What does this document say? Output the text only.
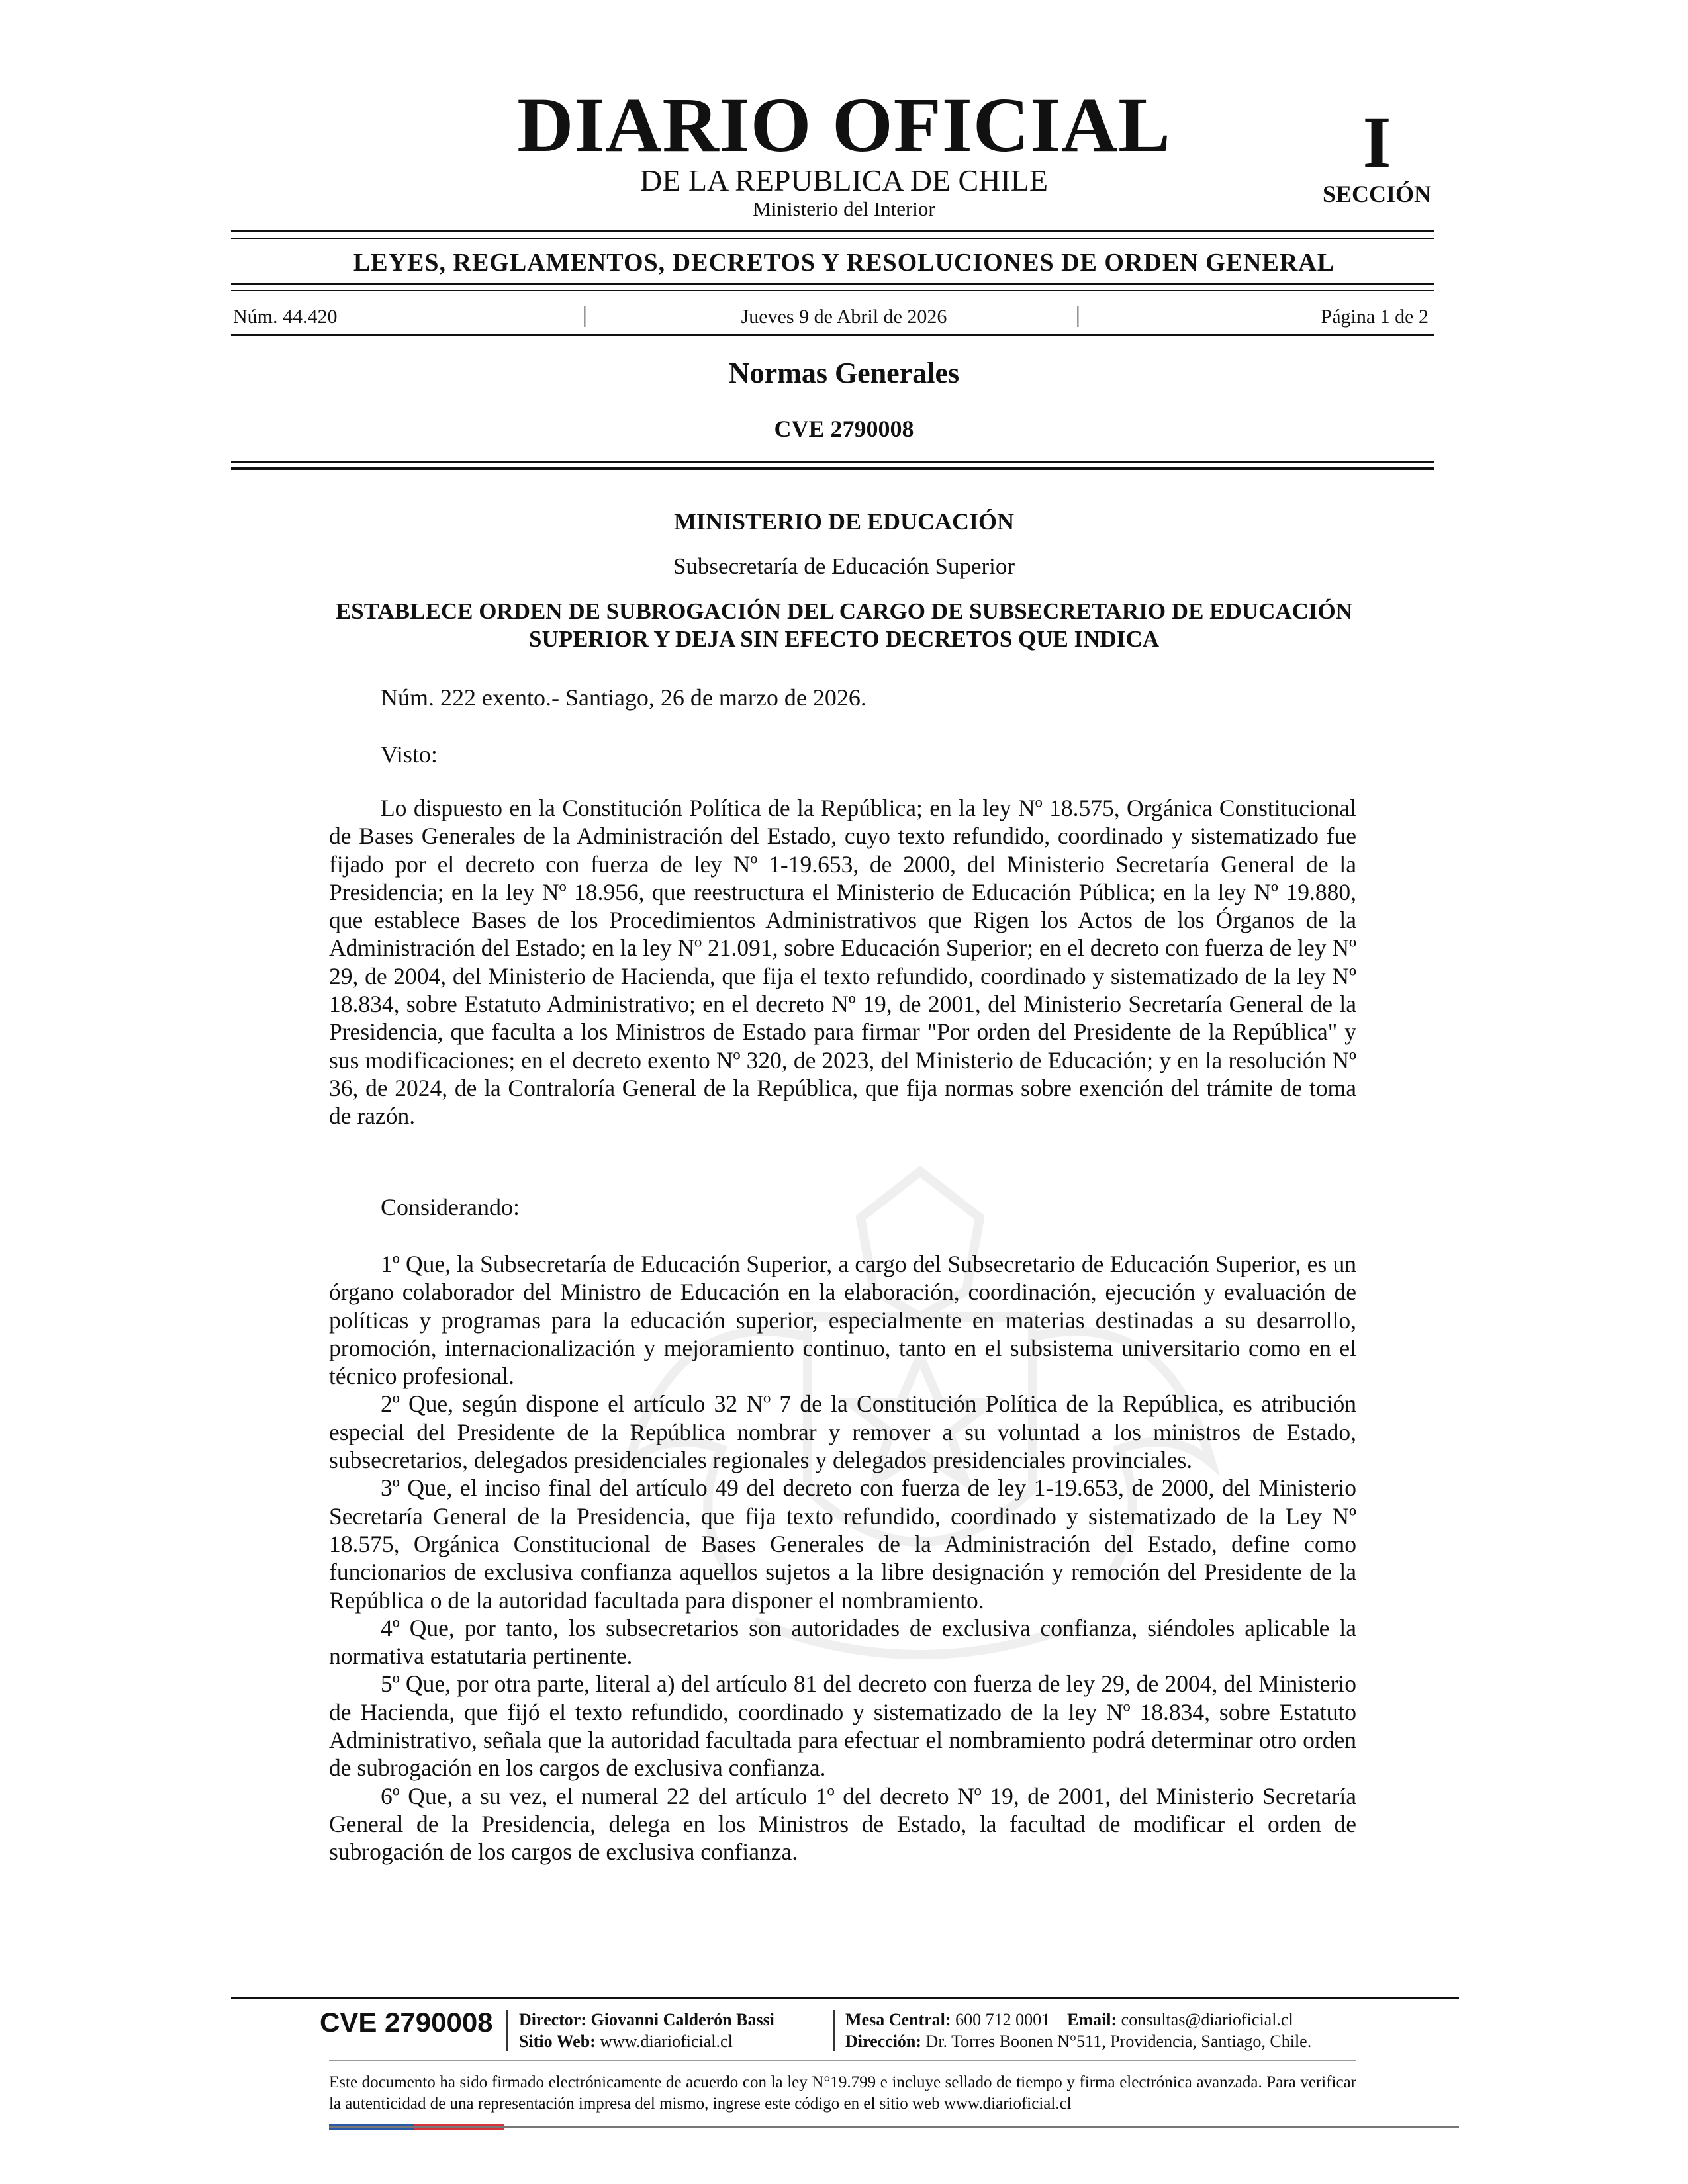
DIARIO OFICIAL
DE LA REPUBLICA DE CHILE
Ministerio del Interior
I
SECCIÓN
LEYES, REGLAMENTOS, DECRETOS Y RESOLUCIONES DE ORDEN GENERAL
Núm. 44.420	|	Jueves 9 de Abril de 2026	|	Página 1 de 2
Normas Generales
CVE 2790008
MINISTERIO DE EDUCACIÓN
Subsecretaría de Educación Superior
ESTABLECE ORDEN DE SUBROGACIÓN DEL CARGO DE SUBSECRETARIO DE EDUCACIÓN SUPERIOR Y DEJA SIN EFECTO DECRETOS QUE INDICA
Núm. 222 exento.- Santiago, 26 de marzo de 2026.
Visto:
Lo dispuesto en la Constitución Política de la República; en la ley Nº 18.575, Orgánica Constitucional de Bases Generales de la Administración del Estado, cuyo texto refundido, coordinado y sistematizado fue fijado por el decreto con fuerza de ley Nº 1-19.653, de 2000, del Ministerio Secretaría General de la Presidencia; en la ley Nº 18.956, que reestructura el Ministerio de Educación Pública; en la ley Nº 19.880, que establece Bases de los Procedimientos Administrativos que Rigen los Actos de los Órganos de la Administración del Estado; en la ley Nº 21.091, sobre Educación Superior; en el decreto con fuerza de ley Nº 29, de 2004, del Ministerio de Hacienda, que fija el texto refundido, coordinado y sistematizado de la ley Nº 18.834, sobre Estatuto Administrativo; en el decreto Nº 19, de 2001, del Ministerio Secretaría General de la Presidencia, que faculta a los Ministros de Estado para firmar "Por orden del Presidente de la República" y sus modificaciones; en el decreto exento Nº 320, de 2023, del Ministerio de Educación; y en la resolución Nº 36, de 2024, de la Contraloría General de la República, que fija normas sobre exención del trámite de toma de razón.
Considerando:

1º Que, la Subsecretaría de Educación Superior, a cargo del Subsecretario de Educación Superior, es un órgano colaborador del Ministro de Educación en la elaboración, coordinación, ejecución y evaluación de políticas y programas para la educación superior, especialmente en materias destinadas a su desarrollo, promoción, internacionalización y mejoramiento continuo, tanto en el subsistema universitario como en el técnico profesional.

2º Que, según dispone el artículo 32 Nº 7 de la Constitución Política de la República, es atribución especial del Presidente de la República nombrar y remover a su voluntad a los ministros de Estado, subsecretarios, delegados presidenciales regionales y delegados presidenciales provinciales.

3º Que, el inciso final del artículo 49 del decreto con fuerza de ley 1-19.653, de 2000, del Ministerio Secretaría General de la Presidencia, que fija texto refundido, coordinado y sistematizado de la Ley Nº 18.575, Orgánica Constitucional de Bases Generales de la Administración del Estado, define como funcionarios de exclusiva confianza aquellos sujetos a la libre designación y remoción del Presidente de la República o de la autoridad facultada para disponer el nombramiento.

4º Que, por tanto, los subsecretarios son autoridades de exclusiva confianza, siéndoles aplicable la normativa estatutaria pertinente.

5º Que, por otra parte, literal a) del artículo 81 del decreto con fuerza de ley 29, de 2004, del Ministerio de Hacienda, que fijó el texto refundido, coordinado y sistematizado de la ley Nº 18.834, sobre Estatuto Administrativo, señala que la autoridad facultada para efectuar el nombramiento podrá determinar otro orden de subrogación en los cargos de exclusiva confianza.

6º Que, a su vez, el numeral 22 del artículo 1º del decreto Nº 19, de 2001, del Ministerio Secretaría General de la Presidencia, delega en los Ministros de Estado, la facultad de modificar el orden de subrogación de los cargos de exclusiva confianza.

CVE 2790008 Director: Giovanni Calderón Bassi
Sitio Web: www.diarioficial.cl
Mesa Central: 600 712 0001 Email: consultas@diarioficial.cl
Dirección: Dr. Torres Boonen N°511, Providencia, Santiago, Chile.
Este documento ha sido firmado electrónicamente de acuerdo con la ley N°19.799 e incluye sellado de tiempo y firma electrónica avanzada. Para verificar la autenticidad de una representación impresa del mismo, ingrese este código en el sitio web www.diarioficial.cl
